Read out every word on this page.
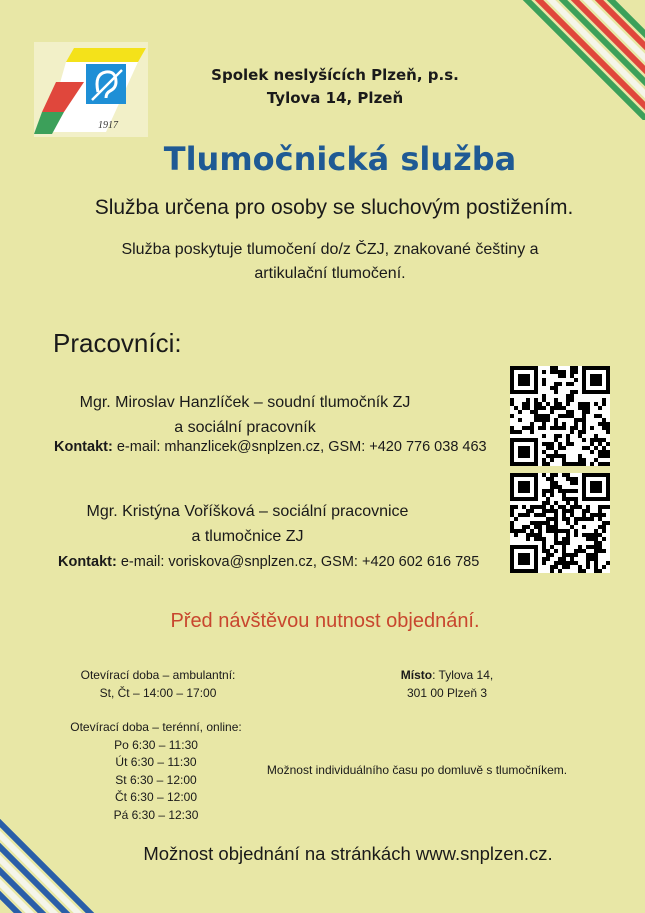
1917
Spolek neslyšících Plzeň, p.s.
Tylova 14, Plzeň
Tlumočnická služba
Služba určena pro osoby se sluchovým postižením.
Služba poskytuje tlumočení do/z ČZJ, znakované češtiny a
artikulační tlumočení.
Pracovníci:
Mgr. Miroslav Hanzlíček – soudní tlumočník ZJ
a sociální pracovník
Kontakt: e-mail: mhanzlicek@snplzen.cz, GSM: +420 776 038 463
Mgr. Kristýna Voříšková – sociální pracovnice
a tlumočnice ZJ
Kontakt: e-mail: voriskova@snplzen.cz, GSM: +420 602 616 785
Před návštěvou nutnost objednání.
Otevírací doba – ambulantní:
St, Čt – 14:00 – 17:00
Místo: Tylova 14,
301 00 Plzeň 3
Otevírací doba – terénní, online:
Po 6:30 – 11:30
Út 6:30 – 11:30
St 6:30 – 12:00
Čt 6:30 – 12:00
Pá 6:30 – 12:30
Možnost individuálního času po domluvě s tlumočníkem.
Možnost objednání na stránkách www.snplzen.cz.
